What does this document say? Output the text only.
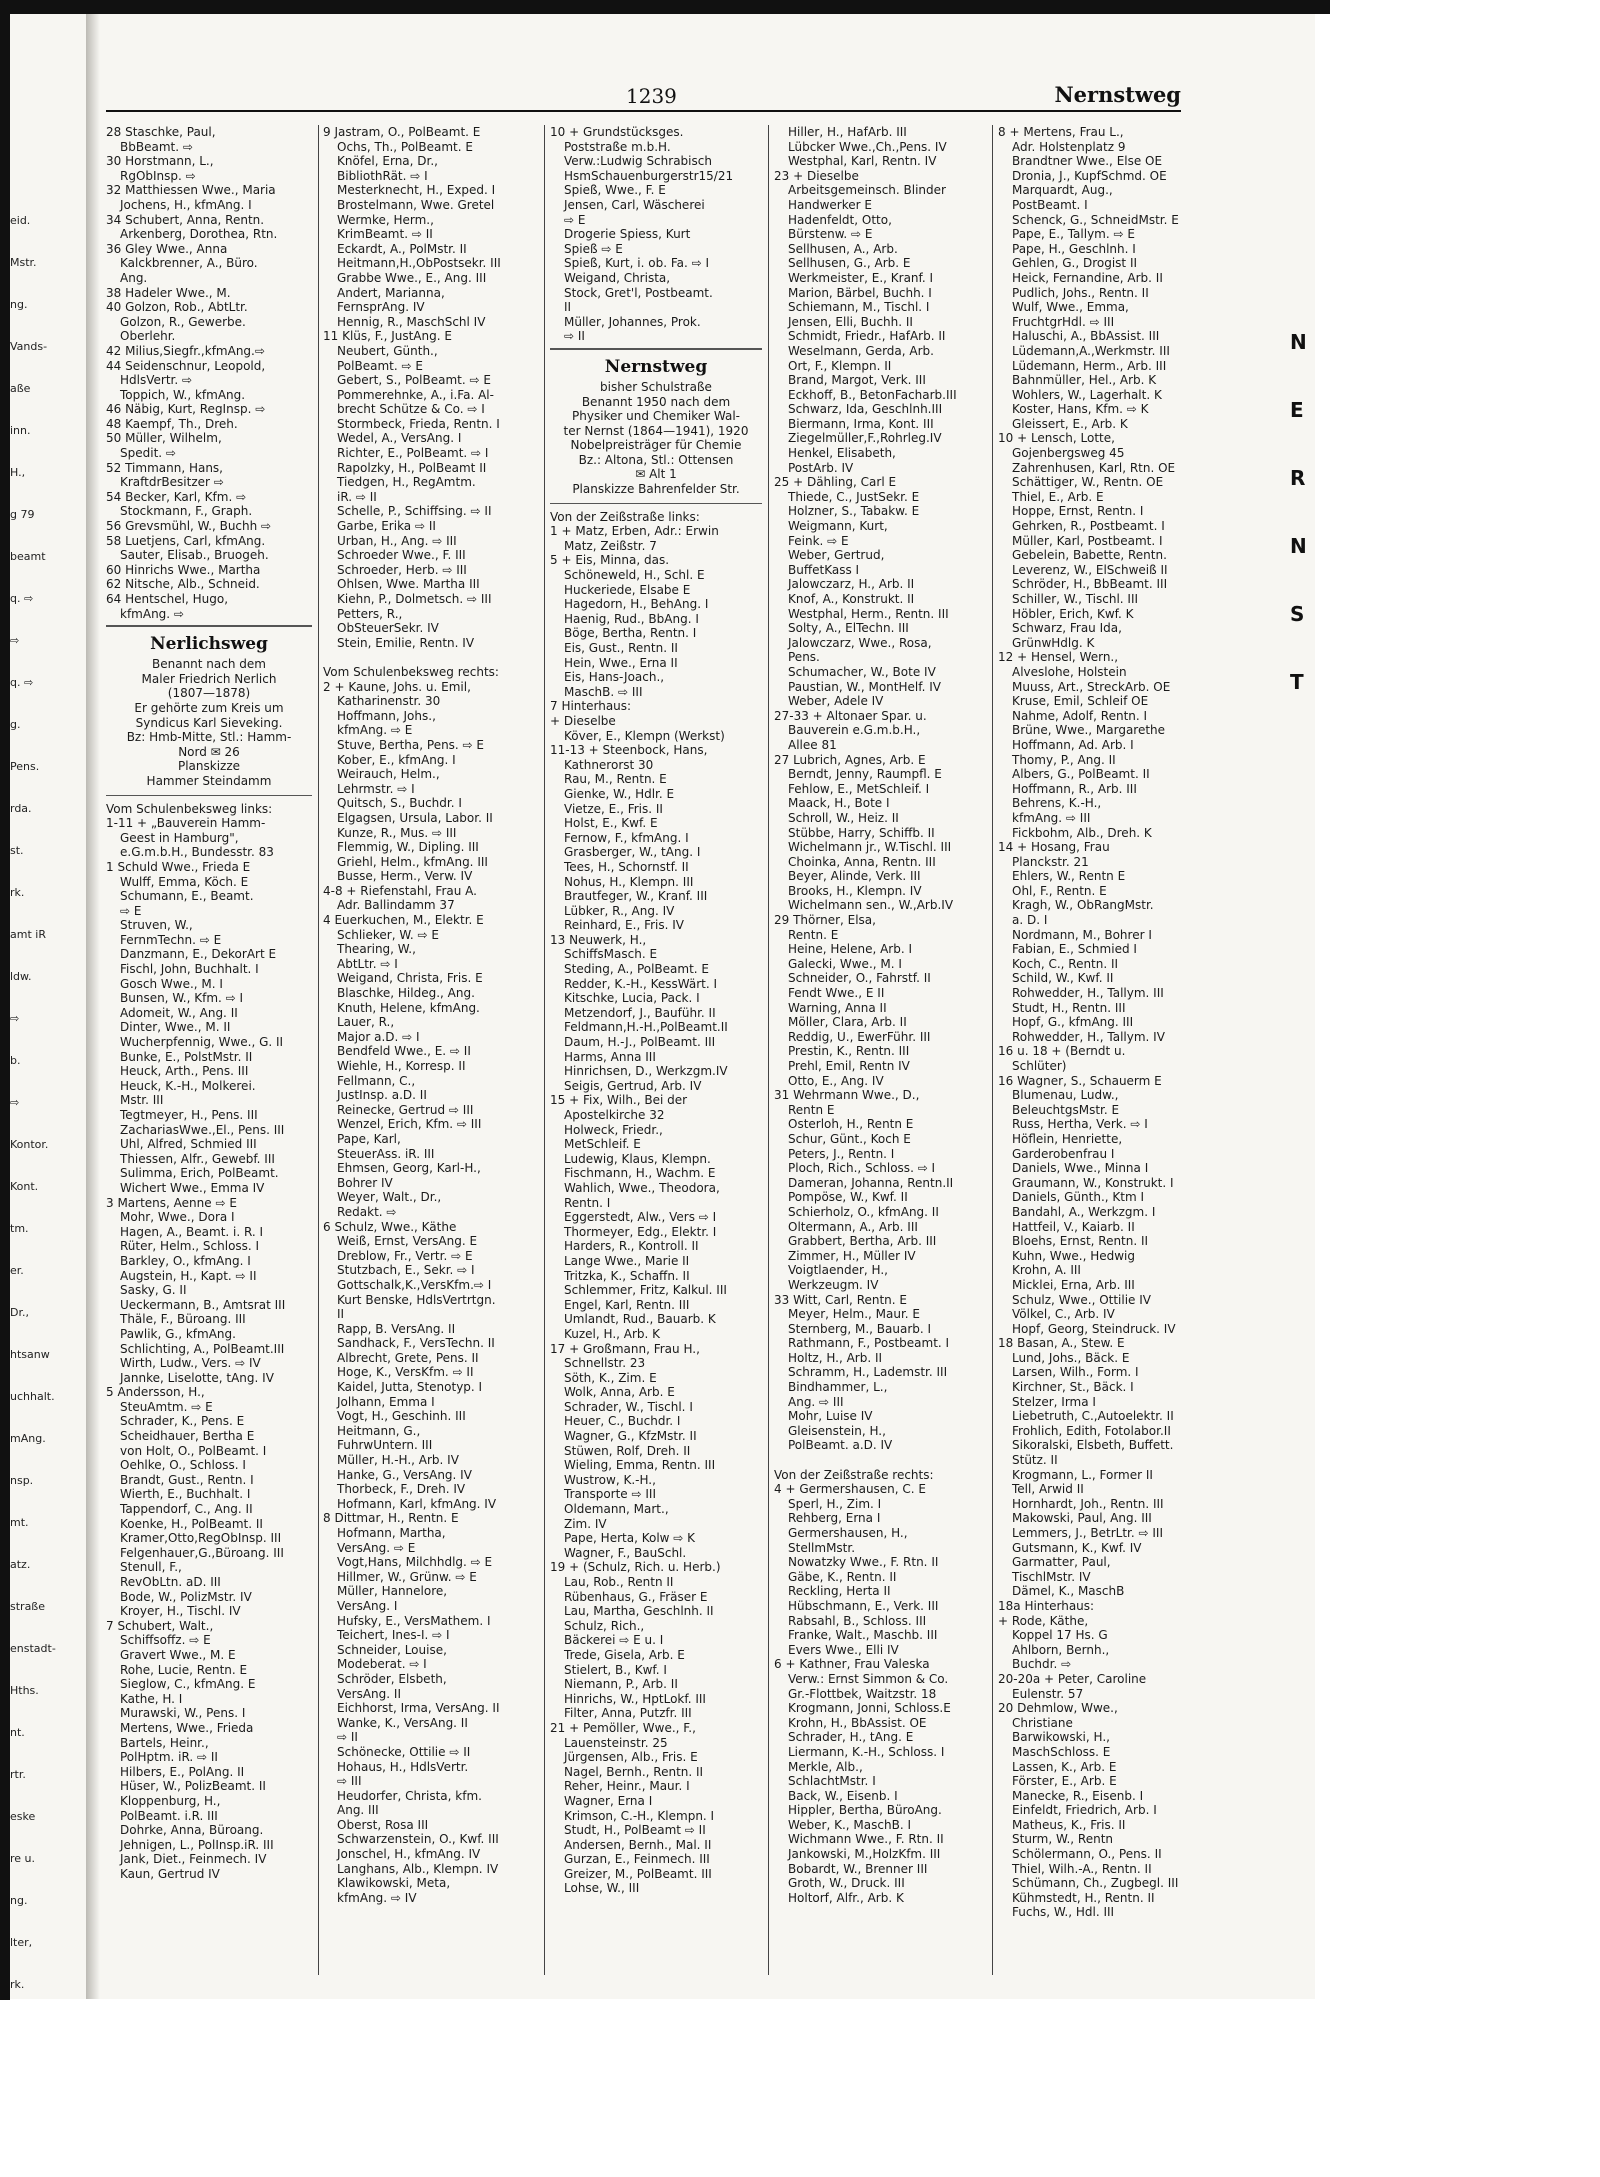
eid.
Mstr.
ng.
Vands-
aße
inn.
H.,
g 79
beamt
q. ⇨
⇨
q. ⇨
g.
Pens.
rda.
st.
rk.
amt iR
ldw.
⇨
b.
⇨
Kontor.
Kont.
tm.
er.
Dr.,
htsanw
uchhalt.
mAng.
nsp.
mt.
atz.
straße
enstadt-
Hths.
nt.
rtr.
eske
re u.
ng.
lter,
rk.
1239	Nernstweg
28 Staschke, Paul,
BbBeamt. ⇨
30 Horstmann, L.,
RgObInsp. ⇨
32 Matthiessen Wwe., Maria
Jochens, H., kfmAng. I
34 Schubert, Anna, Rentn.
Arkenberg, Dorothea, Rtn.
36 Gley Wwe., Anna
Kalckbrenner, A., Büro.
Ang.
38 Hadeler Wwe., M.
40 Golzon, Rob., AbtLtr.
Golzon, R., Gewerbe.
Oberlehr.
42 Milius,Siegfr.,kfmAng.⇨
44 Seidenschnur, Leopold,
HdlsVertr. ⇨
Toppich, W., kfmAng.
46 Näbig, Kurt, RegInsp. ⇨
48 Kaempf, Th., Dreh.
50 Müller, Wilhelm,
Spedit. ⇨
52 Timmann, Hans,
KraftdrBesitzer ⇨
54 Becker, Karl, Kfm. ⇨
Stockmann, F., Graph.
56 Grevsmühl, W., Buchh ⇨
58 Luetjens, Carl, kfmAng.
Sauter, Elisab., Bruogeh.
60 Hinrichs Wwe., Martha
62 Nitsche, Alb., Schneid.
64 Hentschel, Hugo,
kfmAng. ⇨
Nerlichsweg
Benannt nach dem
Maler Friedrich Nerlich
(1807—1878)
Er gehörte zum Kreis um
Syndicus Karl Sieveking.
Bz: Hmb-Mitte, Stl.: Hamm-
Nord ✉ 26
Planskizze
Hammer Steindamm
Vom Schulenbeksweg links:
1-11 + „Bauverein Hamm-
Geest in Hamburg",
e.G.m.b.H., Bundesstr. 83
1 Schuld Wwe., Frieda E
Wulff, Emma, Köch. E
Schumann, E., Beamt.
⇨ E
Struven, W.,
FernmTechn. ⇨ E
Danzmann, E., DekorArt E
Fischl, John, Buchhalt. I
Gosch Wwe., M. I
Bunsen, W., Kfm. ⇨ I
Adomeit, W., Ang. II
Dinter, Wwe., M. II
Wucherpfennig, Wwe., G. II
Bunke, E., PolstMstr. II
Heuck, Arth., Pens. III
Heuck, K.-H., Molkerei.
Mstr. III
Tegtmeyer, H., Pens. III
ZachariasWwe.,El., Pens. III
Uhl, Alfred, Schmied III
Thiessen, Alfr., Gewebf. III
Sulimma, Erich, PolBeamt.
Wichert Wwe., Emma IV
3 Martens, Aenne ⇨ E
Mohr, Wwe., Dora I
Hagen, A., Beamt. i. R. I
Rüter, Helm., Schloss. I
Barkley, O., kfmAng. I
Augstein, H., Kapt. ⇨ II
Sasky, G. II
Ueckermann, B., Amtsrat III
Thäle, F., Büroang. III
Pawlik, G., kfmAng.
Schlichting, A., PolBeamt.III
Wirth, Ludw., Vers. ⇨ IV
Jannke, Liselotte, tAng. IV
5 Andersson, H.,
SteuAmtm. ⇨ E
Schrader, K., Pens. E
Scheidhauer, Bertha E
von Holt, O., PolBeamt. I
Oehlke, O., Schloss. I
Brandt, Gust., Rentn. I
Wierth, E., Buchhalt. I
Tappendorf, C., Ang. II
Koenke, H., PolBeamt. II
Kramer,Otto,RegObInsp. III
Felgenhauer,G.,Büroang. III
Stenull, F.,
RevObLtn. aD. III
Bode, W., PolizMstr. IV
Kroyer, H., Tischl. IV
7 Schubert, Walt.,
Schiffsoffz. ⇨ E
Gravert Wwe., M. E
Rohe, Lucie, Rentn. E
Sieglow, C., kfmAng. E
Kathe, H. I
Murawski, W., Pens. I
Mertens, Wwe., Frieda
Bartels, Heinr.,
PolHptm. iR. ⇨ II
Hilbers, E., PolAng. II
Hüser, W., PolizBeamt. II
Kloppenburg, H.,
PolBeamt. i.R. III
Dohrke, Anna, Büroang.
Jehnigen, L., PolInsp.iR. III
Jank, Diet., Feinmech. IV
Kaun, Gertrud IV
9 Jastram, O., PolBeamt. E
Ochs, Th., PolBeamt. E
Knöfel, Erna, Dr.,
BibliothRät. ⇨ I
Mesterknecht, H., Exped. I
Brostelmann, Wwe. Gretel
Wermke, Herm.,
KrimBeamt. ⇨ II
Eckardt, A., PolMstr. II
Heitmann,H.,ObPostsekr. III
Grabbe Wwe., E., Ang. III
Andert, Marianna,
FernsprAng. IV
Hennig, R., MaschSchl IV
11 Klüs, F., JustAng. E
Neubert, Günth.,
PolBeamt. ⇨ E
Gebert, S., PolBeamt. ⇨ E
Pommerehnke, A., i.Fa. Al-
brecht Schütze & Co. ⇨ I
Stormbeck, Frieda, Rentn. I
Wedel, A., VersAng. I
Richter, E., PolBeamt. ⇨ I
Rapolzky, H., PolBeamt II
Tiedgen, H., RegAmtm.
iR. ⇨ II
Schelle, P., Schiffsing. ⇨ II
Garbe, Erika ⇨ II
Urban, H., Ang. ⇨ III
Schroeder Wwe., F. III
Schroeder, Herb. ⇨ III
Ohlsen, Wwe. Martha III
Kiehn, P., Dolmetsch. ⇨ III
Petters, R.,
ObSteuerSekr. IV
Stein, Emilie, Rentn. IV

Vom Schulenbeksweg rechts:
2 + Kaune, Johs. u. Emil,
Katharinenstr. 30
Hoffmann, Johs.,
kfmAng. ⇨ E
Stuve, Bertha, Pens. ⇨ E
Kober, E., kfmAng. I
Weirauch, Helm.,
Lehrmstr. ⇨ I
Quitsch, S., Buchdr. I
Elgagsen, Ursula, Labor. II
Kunze, R., Mus. ⇨ III
Flemmig, W., Dipling. III
Griehl, Helm., kfmAng. III
Busse, Herm., Verw. IV
4-8 + Riefenstahl, Frau A.
Adr. Ballindamm 37
4 Euerkuchen, M., Elektr. E
Schlieker, W. ⇨ E
Thearing, W.,
AbtLtr. ⇨ I
Weigand, Christa, Fris. E
Blaschke, Hildeg., Ang.
Knuth, Helene, kfmAng.
Lauer, R.,
Major a.D. ⇨ I
Bendfeld Wwe., E. ⇨ II
Wiehle, H., Korresp. II
Fellmann, C.,
JustInsp. a.D. II
Reinecke, Gertrud ⇨ III
Wenzel, Erich, Kfm. ⇨ III
Pape, Karl,
SteuerAss. iR. III
Ehmsen, Georg, Karl-H.,
Bohrer IV
Weyer, Walt., Dr.,
Redakt. ⇨
6 Schulz, Wwe., Käthe
Weiß, Ernst, VersAng. E
Dreblow, Fr., Vertr. ⇨ E
Stutzbach, E., Sekr. ⇨ I
Gottschalk,K.,VersKfm.⇨ I
Kurt Benske, HdlsVertrtgn.
II
Rapp, B. VersAng. II
Sandhack, F., VersTechn. II
Albrecht, Grete, Pens. II
Hoge, K., VersKfm. ⇨ II
Kaidel, Jutta, Stenotyp. I
Jolhann, Emma I
Vogt, H., Geschinh. III
Heitmann, G.,
FuhrwUntern. III
Müller, H.-H., Arb. IV
Hanke, G., VersAng. IV
Thorbeck, F., Dreh. IV
Hofmann, Karl, kfmAng. IV
8 Dittmar, H., Rentn. E
Hofmann, Martha,
VersAng. ⇨ E
Vogt,Hans, Milchhdlg. ⇨ E
Hillmer, W., Grünw. ⇨ E
Müller, Hannelore,
VersAng. I
Hufsky, E., VersMathem. I
Teichert, Ines-I. ⇨ I
Schneider, Louise,
Modeberat. ⇨ I
Schröder, Elsbeth,
VersAng. II
Eichhorst, Irma, VersAng. II
Wanke, K., VersAng. II
⇨ II
Schönecke, Ottilie ⇨ II
Hohaus, H., HdlsVertr.
⇨ III
Heudorfer, Christa, kfm.
Ang. III
Oberst, Rosa III
Schwarzenstein, O., Kwf. III
Jonschel, H., kfmAng. IV
Langhans, Alb., Klempn. IV
Klawikowski, Meta,
kfmAng. ⇨ IV
10 + Grundstücksges.
Poststraße m.b.H.
Verw.:Ludwig Schrabisch
HsmSchauenburgerstr15/21
Spieß, Wwe., F. E
Jensen, Carl, Wäscherei
⇨ E
Drogerie Spiess, Kurt
Spieß ⇨ E
Spieß, Kurt, i. ob. Fa. ⇨ I
Weigand, Christa,
Stock, Gret'l, Postbeamt.
II
Müller, Johannes, Prok.
⇨ II
Nernstweg
bisher Schulstraße
Benannt 1950 nach dem
Physiker und Chemiker Wal-
ter Nernst (1864—1941), 1920
Nobelpreisträger für Chemie
Bz.: Altona, Stl.: Ottensen
✉ Alt 1
Planskizze Bahrenfelder Str.
Von der Zeißstraße links:
1 + Matz, Erben, Adr.: Erwin
Matz, Zeißstr. 7
5 + Eis, Minna, das.
Schöneweld, H., Schl. E
Huckeriede, Elsabe E
Hagedorn, H., BehAng. I
Haenig, Rud., BbAng. I
Böge, Bertha, Rentn. I
Eis, Gust., Rentn. II
Hein, Wwe., Erna II
Eis, Hans-Joach.,
MaschB. ⇨ III
7 Hinterhaus:
+ Dieselbe
Köver, E., Klempn (Werkst)
11-13 + Steenbock, Hans,
Kathnerorst 30
Rau, M., Rentn. E
Gienke, W., Hdlr. E
Vietze, E., Fris. II
Holst, E., Kwf. E
Fernow, F., kfmAng. I
Grasberger, W., tAng. I
Tees, H., Schornstf. II
Nohus, H., Klempn. III
Brautfeger, W., Kranf. III
Lübker, R., Ang. IV
Reinhard, E., Fris. IV
13 Neuwerk, H.,
SchiffsMasch. E
Steding, A., PolBeamt. E
Redder, K.-H., KessWärt. I
Kitschke, Lucia, Pack. I
Metzendorf, J., Bauführ. II
Feldmann,H.-H.,PolBeamt.II
Daum, H.-J., PolBeamt. III
Harms, Anna III
Hinrichsen, D., Werkzgm.IV
Seigis, Gertrud, Arb. IV
15 + Fix, Wilh., Bei der
Apostelkirche 32
Holweck, Friedr.,
MetSchleif. E
Ludewig, Klaus, Klempn.
Fischmann, H., Wachm. E
Wahlich, Wwe., Theodora,
Rentn. I
Eggerstedt, Alw., Vers ⇨ I
Thormeyer, Edg., Elektr. I
Harders, R., Kontroll. II
Lange Wwe., Marie II
Tritzka, K., Schaffn. II
Schlemmer, Fritz, Kalkul. III
Engel, Karl, Rentn. III
Umlandt, Rud., Bauarb. K
Kuzel, H., Arb. K
17 + Großmann, Frau H.,
Schnellstr. 23
Söth, K., Zim. E
Wolk, Anna, Arb. E
Schrader, W., Tischl. I
Heuer, C., Buchdr. I
Wagner, G., KfzMstr. II
Stüwen, Rolf, Dreh. II
Wieling, Emma, Rentn. III
Wustrow, K.-H.,
Transporte ⇨ III
Oldemann, Mart.,
Zim. IV
Pape, Herta, Kolw ⇨ K
Wagner, F., BauSchl.
19 + (Schulz, Rich. u. Herb.)
Lau, Rob., Rentn II
Rübenhaus, G., Fräser E
Lau, Martha, Geschlnh. II
Schulz, Rich.,
Bäckerei ⇨ E u. I
Trede, Gisela, Arb. E
Stielert, B., Kwf. I
Niemann, P., Arb. II
Hinrichs, W., HptLokf. III
Filter, Anna, Putzfr. III
21 + Pemöller, Wwe., F.,
Lauensteinstr. 25
Jürgensen, Alb., Fris. E
Nagel, Bernh., Rentn. II
Reher, Heinr., Maur. I
Wagner, Erna I
Krimson, C.-H., Klempn. I
Studt, H., PolBeamt ⇨ II
Andersen, Bernh., Mal. II
Gurzan, E., Feinmech. III
Greizer, M., PolBeamt. III
Lohse, W., III
Hiller, H., HafArb. III
Lübcker Wwe.,Ch.,Pens. IV
Westphal, Karl, Rentn. IV
23 + Dieselbe
Arbeitsgemeinsch. Blinder
Handwerker E
Hadenfeldt, Otto,
Bürstenw. ⇨ E
Sellhusen, A., Arb.
Sellhusen, G., Arb. E
Werkmeister, E., Kranf. I
Marion, Bärbel, Buchh. I
Schiemann, M., Tischl. I
Jensen, Elli, Buchh. II
Schmidt, Friedr., HafArb. II
Weselmann, Gerda, Arb.
Ort, F., Klempn. II
Brand, Margot, Verk. III
Eckhoff, B., BetonFacharb.III
Schwarz, Ida, Geschlnh.III
Biermann, Irma, Kont. III
Ziegelmüller,F.,Rohrleg.IV
Henkel, Elisabeth,
PostArb. IV
25 + Dähling, Carl E
Thiede, C., JustSekr. E
Holzner, S., Tabakw. E
Weigmann, Kurt,
Feink. ⇨ E
Weber, Gertrud,
BuffetKass I
Jalowczarz, H., Arb. II
Knof, A., Konstrukt. II
Westphal, Herm., Rentn. III
Solty, A., ElTechn. III
Jalowczarz, Wwe., Rosa,
Pens.
Schumacher, W., Bote IV
Paustian, W., MontHelf. IV
Weber, Adele IV
27-33 + Altonaer Spar. u.
Bauverein e.G.m.b.H.,
Allee 81
27 Lubrich, Agnes, Arb. E
Berndt, Jenny, Raumpfl. E
Fehlow, E., MetSchleif. I
Maack, H., Bote I
Schroll, W., Heiz. II
Stübbe, Harry, Schiffb. II
Wichelmann jr., W.Tischl. III
Choinka, Anna, Rentn. III
Beyer, Alinde, Verk. III
Brooks, H., Klempn. IV
Wichelmann sen., W.,Arb.IV
29 Thörner, Elsa,
Rentn. E
Heine, Helene, Arb. I
Galecki, Wwe., M. I
Schneider, O., Fahrstf. II
Fendt Wwe., E II
Warning, Anna II
Möller, Clara, Arb. II
Reddig, U., EwerFühr. III
Prestin, K., Rentn. III
Prehl, Emil, Rentn IV
Otto, E., Ang. IV
31 Wehrmann Wwe., D.,
Rentn E
Osterloh, H., Rentn E
Schur, Günt., Koch E
Peters, J., Rentn. I
Ploch, Rich., Schloss. ⇨ I
Dameran, Johanna, Rentn.II
Pompöse, W., Kwf. II
Schierholz, O., kfmAng. II
Oltermann, A., Arb. III
Grabbert, Bertha, Arb. III
Zimmer, H., Müller IV
Voigtlaender, H.,
Werkzeugm. IV
33 Witt, Carl, Rentn. E
Meyer, Helm., Maur. E
Sternberg, M., Bauarb. I
Rathmann, F., Postbeamt. I
Holtz, H., Arb. II
Schramm, H., Lademstr. III
Bindhammer, L.,
Ang. ⇨ III
Mohr, Luise IV
Gleisenstein, H.,
PolBeamt. a.D. IV

Von der Zeißstraße rechts:
4 + Germershausen, C. E
Sperl, H., Zim. I
Rehberg, Erna I
Germershausen, H.,
StellmMstr.
Nowatzky Wwe., F. Rtn. II
Gäbe, K., Rentn. II
Reckling, Herta II
Hübschmann, E., Verk. III
Rabsahl, B., Schloss. III
Franke, Walt., Maschb. III
Evers Wwe., Elli IV
6 + Kathner, Frau Valeska
Verw.: Ernst Simmon & Co.
Gr.-Flottbek, Waitzstr. 18
Krogmann, Jonni, Schloss.E
Krohn, H., BbAssist. OE
Schrader, H., tAng. E
Liermann, K.-H., Schloss. I
Merkle, Alb.,
SchlachtMstr. I
Back, W., Eisenb. I
Hippler, Bertha, BüroAng.
Weber, K., MaschB. I
Wichmann Wwe., F. Rtn. II
Jankowski, M.,HolzKfm. III
Bobardt, W., Brenner III
Groth, W., Druck. III
Holtorf, Alfr., Arb. K
8 + Mertens, Frau L.,
Adr. Holstenplatz 9
Brandtner Wwe., Else OE
Dronia, J., KupfSchmd. OE
Marquardt, Aug.,
PostBeamt. I
Schenck, G., SchneidMstr. E
Pape, E., Tallym. ⇨ E
Pape, H., Geschlnh. I
Gehlen, G., Drogist II
Heick, Fernandine, Arb. II
Pudlich, Johs., Rentn. II
Wulf, Wwe., Emma,
FruchtgrHdl. ⇨ III
Haluschi, A., BbAssist. III
Lüdemann,A.,Werkmstr. III
Lüdemann, Herm., Arb. III
Bahnmüller, Hel., Arb. K
Wohlers, W., Lagerhalt. K
Koster, Hans, Kfm. ⇨ K
Gleissert, E., Arb. K
10 + Lensch, Lotte,
Gojenbergsweg 45
Zahrenhusen, Karl, Rtn. OE
Schättiger, W., Rentn. OE
Thiel, E., Arb. E
Hoppe, Ernst, Rentn. I
Gehrken, R., Postbeamt. I
Müller, Karl, Postbeamt. I
Gebelein, Babette, Rentn.
Leverenz, W., ElSchweiß II
Schröder, H., BbBeamt. III
Schiller, W., Tischl. III
Höbler, Erich, Kwf. K
Schwarz, Frau Ida,
GrünwHdlg. K
12 + Hensel, Wern.,
Alveslohe, Holstein
Muuss, Art., StreckArb. OE
Kruse, Emil, Schleif OE
Nahme, Adolf, Rentn. I
Brüne, Wwe., Margarethe
Hoffmann, Ad. Arb. I
Thomy, P., Ang. II
Albers, G., PolBeamt. II
Hoffmann, R., Arb. III
Behrens, K.-H.,
kfmAng. ⇨ III
Fickbohm, Alb., Dreh. K
14 + Hosang, Frau
Planckstr. 21
Ehlers, W., Rentn E
Ohl, F., Rentn. E
Kragh, W., ObRangMstr.
a. D. I
Nordmann, M., Bohrer I
Fabian, E., Schmied I
Koch, C., Rentn. II
Schild, W., Kwf. II
Rohwedder, H., Tallym. III
Studt, H., Rentn. III
Hopf, G., kfmAng. III
Rohwedder, H., Tallym. IV
16 u. 18 + (Berndt u.
Schlüter)
16 Wagner, S., Schauerm E
Blumenau, Ludw.,
BeleuchtgsMstr. E
Russ, Hertha, Verk. ⇨ I
Höflein, Henriette,
Garderobenfrau I
Daniels, Wwe., Minna I
Graumann, W., Konstrukt. I
Daniels, Günth., Ktm I
Bandahl, A., Werkzgm. I
Hattfeil, V., Kaiarb. II
Bloehs, Ernst, Rentn. II
Kuhn, Wwe., Hedwig
Krohn, A. III
Micklei, Erna, Arb. III
Schulz, Wwe., Ottilie IV
Völkel, C., Arb. IV
Hopf, Georg, Steindruck. IV
18 Basan, A., Stew. E
Lund, Johs., Bäck. E
Larsen, Wilh., Form. I
Kirchner, St., Bäck. I
Stelzer, Irma I
Liebetruth, C.,Autoelektr. II
Frohlich, Edith, Fotolabor.II
Sikoralski, Elsbeth, Buffett.
Stütz. II
Krogmann, L., Former II
Tell, Arwid II
Hornhardt, Joh., Rentn. III
Makowski, Paul, Ang. III
Lemmers, J., BetrLtr. ⇨ III
Gutsmann, K., Kwf. IV
Garmatter, Paul,
TischlMstr. IV
Dämel, K., MaschB
18a Hinterhaus:
+ Rode, Käthe,
Koppel 17 Hs. G
Ahlborn, Bernh.,
Buchdr. ⇨
20-20a + Peter, Caroline
Eulenstr. 57
20 Dehmlow, Wwe.,
Christiane
Barwikowski, H.,
MaschSchloss. E
Lassen, K., Arb. E
Förster, E., Arb. E
Manecke, R., Eisenb. I
Einfeldt, Friedrich, Arb. I
Matheus, K., Fris. II
Sturm, W., Rentn
Schölermann, O., Pens. II
Thiel, Wilh.-A., Rentn. II
Schümann, Ch., Zugbegl. III
Kühmstedt, H., Rentn. II
Fuchs, W., Hdl. III
N
E
R
N
S
T
